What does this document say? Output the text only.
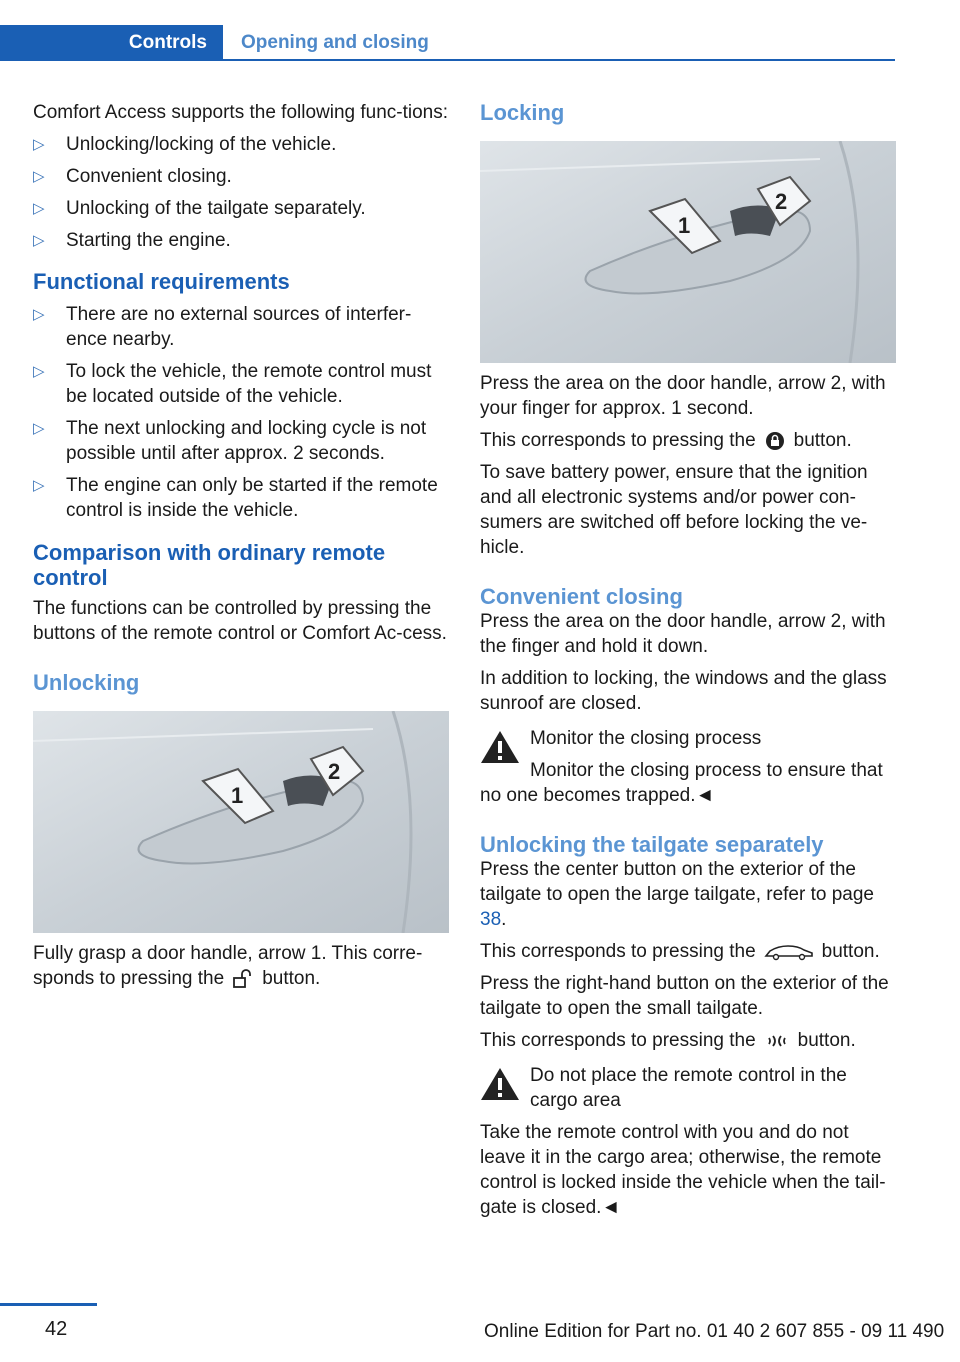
Controls	Opening and closing

Comfort Access supports the following func-tions:

▷ Unlocking/locking of the vehicle.
▷ Convenient closing.
▷ Unlocking of the tailgate separately.
▷ Starting the engine.
Functional requirements
▷ There are no external sources of interfer-ence nearby.
▷ To lock the vehicle, the remote control must be located outside of the vehicle.
▷ The next unlocking and locking cycle is not possible until after approx. 2 seconds.
▷ The engine can only be started if the remote control is inside the vehicle.
Comparison with ordinary remote control

The functions can be controlled by pressing the buttons of the remote control or Comfort Ac-cess.

Unlocking
1
2

Fully grasp a door handle, arrow 1. This corre-sponds to pressing the button.

Locking
1
2

Press the area on the door handle, arrow 2, with your finger for approx. 1 second.

This corresponds to pressing the button.

To save battery power, ensure that the ignition and all electronic systems and/or power con-sumers are switched off before locking the ve-hicle.

Convenient closing

Press the area on the door handle, arrow 2, with the finger and hold it down.

In addition to locking, the windows and the glass sunroof are closed.

Monitor the closing process

Monitor the closing process to ensure that no one becomes trapped.◄

Unlocking the tailgate separately

Press the center button on the exterior of the tailgate to open the large tailgate, refer to page 38.

This corresponds to pressing the	button.

Press the right-hand button on the exterior of the tailgate to open the small tailgate.

This corresponds to pressing the button.

Do not place the remote control in the cargo area

Take the remote control with you and do not leave it in the cargo area; otherwise, the remote control is locked inside the vehicle when the tail-gate is closed.◄

42	Online Edition for Part no. 01 40 2 607 855 - 09 11 490
